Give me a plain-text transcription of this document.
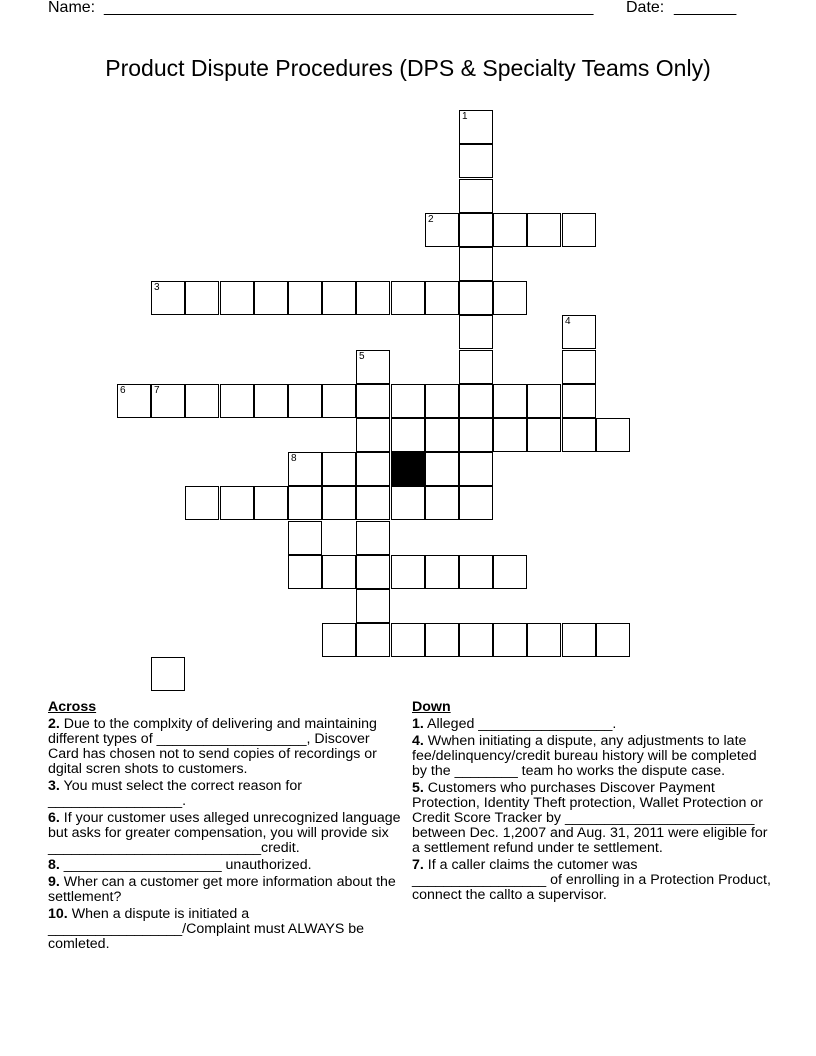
Name: _______________________________________________________ Date: _______
Product Dispute Procedures (DPS & Specialty Teams Only)
1
2
3
4
5
6	7
8
Across
2. Due to the complxity of delivering and maintaining different types of ___________________, Discover Card has chosen not to send copies of recordings or dgital scren shots to customers.
3. You must select the correct reason for _________________.
6. If your customer uses alleged unrecognized language but asks for greater compensation, you will provide six ___________________________credit.
8. ____________________ unauthorized.
9. Wher can a customer get more information about the settlement?
10. When a dispute is initiated a _________________/Complaint must ALWAYS be comleted.
Down
1. Alleged _________________.
4. Wwhen initiating a dispute, any adjustments to late fee/delinquency/credit bureau history will be completed by the ________ team ho works the dispute case.
5. Customers who purchases Discover Payment Protection, Identity Theft protection, Wallet Protection or Credit Score Tracker by ________________________ between Dec. 1,2007 and Aug. 31, 2011 were eligible for a settlement refund under te settlement.
7. If a caller claims the cutomer was _________________ of enrolling in a Protection Product, connect the callto a supervisor.
